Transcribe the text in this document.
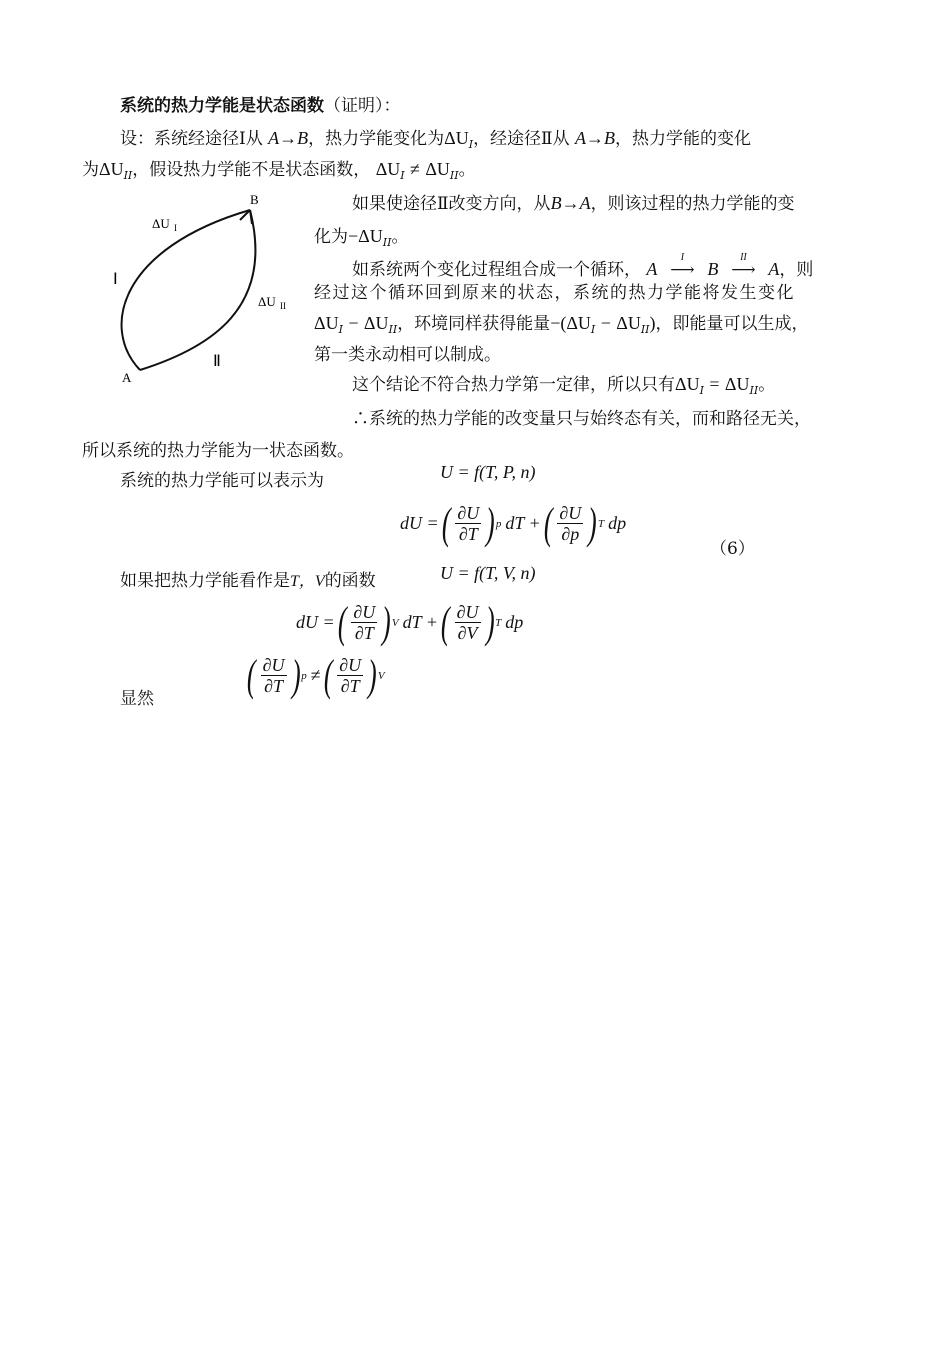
系统的热力学能是状态函数（证明）：
设：系统经途径Ⅰ从 A→B，热力学能变化为$\Delta U_I$，经途径Ⅱ从 A→B，热力学能的变化
为$\Delta U_{II}$，假设热力学能不是状态函数， $\Delta U_I \ne \Delta U_{II}$。
B
A
Ⅰ
Ⅱ
ΔU I
ΔU II
如果使途径Ⅱ改变方向，从B→A，则该过程的热力学能的变
化为$-\Delta U_{II}$。
如系统两个变化过程组合成一个循环， A
I
⟶ B
II
⟶ A，则
经过这个循环回到原来的状态，系统的热力学能将发生变化
$\Delta U_I - \Delta U_{II}$，环境同样获得能量$-(\Delta U_I - \Delta U_{II})$，即能量可以生成，
第一类永动相可以制成。
这个结论不符合热力学第一定律，所以只有$\Delta U_I = \Delta U_{II}$。
∴系统的热力学能的改变量只与始终态有关，而和路径无关，
所以系统的热力学能为一状态函数。
系统的热力学能可以表示为	U = f(T, P, n)
dU = ( $\frac{\partial U}{\partial T}$ ) p dT + ( $\frac{\partial U}{\partial p}$ ) T dp
（6）
如果把热力学能看作是T，V的函数	U = f(T, V, n)
dU = ( $\frac{\partial U}{\partial T}$ ) V dT + ( $\frac{\partial U}{\partial V}$ ) T dp
显然 ( $\frac{\partial U}{\partial T}$ ) p ≠ ( $\frac{\partial U}{\partial T}$ ) V
